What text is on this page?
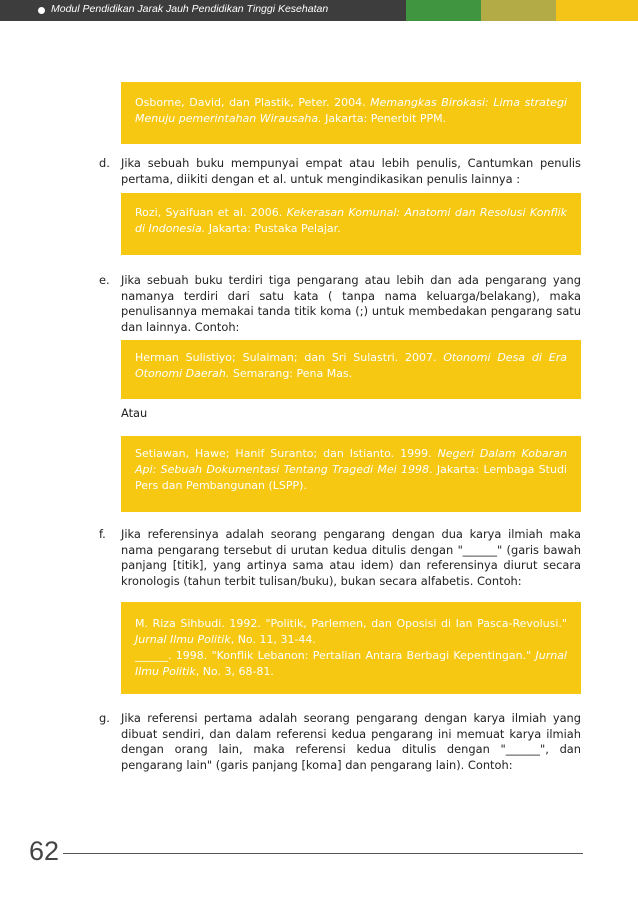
Modul Pendidikan Jarak Jauh Pendidikan Tinggi Kesehatan

Osborne, David, dan Plastik, Peter. 2004. Memangkas Birokasi: Lima strategi Menuju pemerintahan Wirausaha. Jakarta: Penerbit PPM.

d. Jika sebuah buku mempunyai empat atau lebih penulis, Cantumkan penulis pertama, diikiti dengan et al. untuk mengindikasikan penulis lainnya :

Rozi, Syaifuan et al. 2006. Kekerasan Komunal: Anatomi dan Resolusi Konflik di Indonesia. Jakarta: Pustaka Pelajar.

e. Jika sebuah buku terdiri tiga pengarang atau lebih dan ada pengarang yang namanya terdiri dari satu kata ( tanpa nama keluarga/belakang), maka penulisannya memakai tanda titik koma (;) untuk membedakan pengarang satu dan lainnya. Contoh:

Herman Sulistiyo; Sulaiman; dan Sri Sulastri. 2007. Otonomi Desa di Era Otonomi Daerah. Semarang: Pena Mas.

Atau

Setiawan, Hawe; Hanif Suranto; dan Istianto. 1999. Negeri Dalam Kobaran Api: Sebuah Dokumentasi Tentang Tragedi Mei 1998. Jakarta: Lembaga Studi Pers dan Pembangunan (LSPP).

f. Jika referensinya adalah seorang pengarang dengan dua karya ilmiah maka nama pengarang tersebut di urutan kedua ditulis dengan "______" (garis bawah panjang [titik], yang artinya sama atau idem) dan referensinya diurut secara kronologis (tahun terbit tulisan/buku), bukan secara alfabetis. Contoh:

M. Riza Sihbudi. 1992. "Politik, Parlemen, dan Oposisi di Ian Pasca-Revolusi." Jurnal Ilmu Politik, No. 11, 31-44.

______. 1998. "Konflik Lebanon: Pertalian Antara Berbagi Kepentingan." Jurnal Ilmu Politik, No. 3, 68-81.

g. Jika referensi pertama adalah seorang pengarang dengan karya ilmiah yang dibuat sendiri, dan dalam referensi kedua pengarang ini memuat karya ilmiah dengan orang lain, maka referensi kedua ditulis dengan "______", dan pengarang lain" (garis panjang [koma] dan pengarang lain). Contoh:
62
